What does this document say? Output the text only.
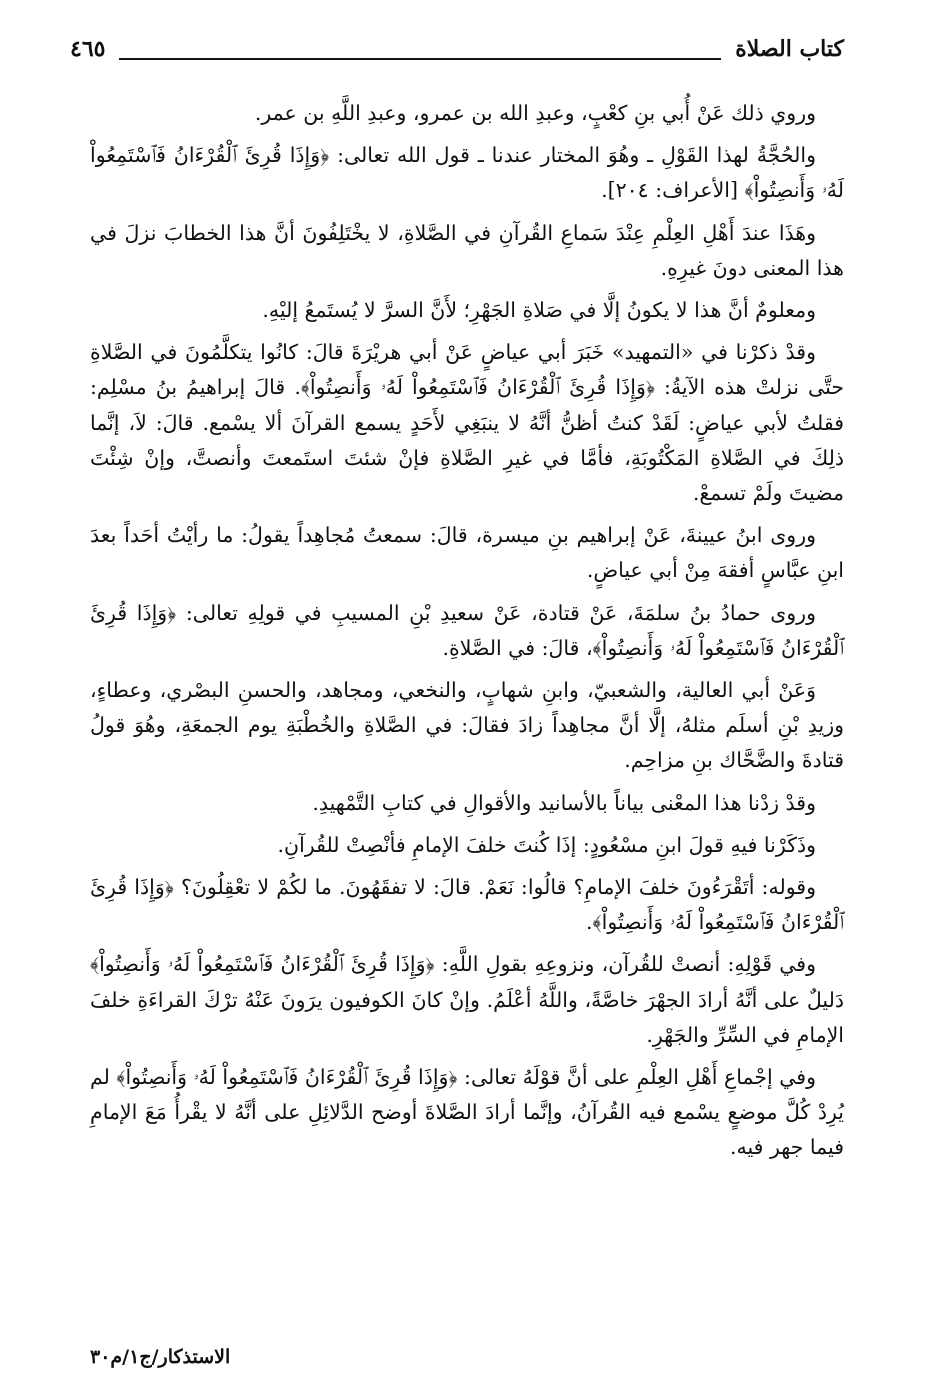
كتاب الصلاة
٤٦٥

وروي ذلك عَنْ أُبي بنِ كعْبٍ، وعبدِ الله بن عمرو، وعبدِ اللَّهِ بن عمر.

والحُجَّةُ لهذا القَوْلِ ـ وهُوَ المختار عندنا ـ قول الله تعالى: ﴿وَإِذَا قُرِئَ ٱلْقُرْءَانُ فَٱسْتَمِعُواْ لَهُۥ وَأَنصِتُواْ﴾ [الأعراف: ٢٠٤].

وهَذَا عندَ أَهْلِ العِلْمِ عِنْدَ سَماعِ القُرآنِ في الصَّلاةِ، لا يخْتَلِفُونَ أنَّ هذا الخطابَ نزلَ في هذا المعنى دونَ غيرِهِ.

ومعلومٌ أنَّ هذا لا يكونُ إلَّا في صَلاةِ الجَهْرِ؛ لأَنَّ السرَّ لا يُستَمعُ إليْهِ.

وقدْ ذكرْنا في «التمهيد» خَبَرَ أبي عياضٍ عَنْ أبي هريْرَةَ قالَ: كانُوا يتكلَّمُونَ في الصَّلاةِ حتَّى نزلتْ هذه الآيةُ: ﴿وَإِذَا قُرِئَ ٱلْقُرْءَانُ فَٱسْتَمِعُواْ لَهُۥ وَأَنصِتُواْ﴾. قالَ إبراهيمُ بنُ مسْلِم: فقلتُ لأبي عياضٍ: لَقَدْ كنتُ أظنُّ أنَّهُ لا ينبَغِي لأَحَدٍ يسمع القرآنَ ألا يسْمع. قالَ: لاَ، إنَّما ذلِكَ في الصَّلاةِ المَكْتُوبَةِ، فأمَّا في غيرِ الصَّلاةِ فإنْ شئتَ استَمعتَ وأنصتَّ، وإنْ شِئْتَ مضيتَ ولَمْ تسمعْ.

وروى ابنُ عيينةَ، عَنْ إبراهيم بنِ ميسرة، قالَ: سمعتُ مُجاهِداً يقولُ: ما رأيْتُ أحَداً بعدَ ابنِ عبَّاسٍ أفقهَ مِنْ أبي عياضٍ.

وروى حمادُ بنُ سلمَةَ، عَنْ قتادة، عَنْ سعيدِ بْنِ المسيبِ في قولِهِ تعالى: ﴿وَإِذَا قُرِئَ ٱلْقُرْءَانُ فَٱسْتَمِعُواْ لَهُۥ وَأَنصِتُواْ﴾، قالَ: في الصَّلاةِ.

وَعَنْ أبي العالية، والشعبيّ، وابنِ شهابٍ، والنخعي، ومجاهد، والحسنِ البصْري، وعطاءٍ، وزيدِ بْنِ أسلَم مثلهُ، إلَّا أنَّ مجاهِداً زادَ فقالَ: في الصَّلاةِ والخُطْبَةِ يوم الجمعَةِ، وهُوَ قولُ قتادةَ والضَّحَّاك بنِ مزاحِم.

وقدْ زدْنا هذا المعْنى بياناً بالأسانيد والأقوالِ في كتابِ التَّمْهيدِ.

وذَكَرْنا فيهِ قولَ ابنِ مسْعُودٍ: إذَا كُنتَ خلفَ الإمامِ فأنْصِتْ للقُرآنِ.

وقوله: أتَقْرَءُونَ خلفَ الإمامِ؟ قالُوا: نَعَمْ. قالَ: لا تفقَهُونَ. ما لكُمْ لا تعْقِلُونَ؟ ﴿وَإِذَا قُرِئَ ٱلْقُرْءَانُ فَٱسْتَمِعُواْ لَهُۥ وَأَنصِتُواْ﴾.

وفي قَوْلِهِ: أنصتْ للقُرآن، ونزوعِهِ بقولِ اللَّهِ: ﴿وَإِذَا قُرِئَ ٱلْقُرْءَانُ فَٱسْتَمِعُواْ لَهُۥ وَأَنصِتُواْ﴾ دَليلٌ على أنَّهُ أرادَ الجهْرَ خاصَّةً، واللَّهُ أعْلَمُ. وإنْ كانَ الكوفيون يرَونَ عَنْهُ ترْكَ القراءَةِ خلفَ الإمامِ في السِّرِّ والجَهْرِ.

وفي إجْماعِ أَهْلِ العِلْمِ على أنَّ قوْلَهُ تعالى: ﴿وَإِذَا قُرِئَ ٱلْقُرْءَانُ فَٱسْتَمِعُواْ لَهُۥ وَأَنصِتُواْ﴾ لم يُرِدْ كُلَّ موضعٍ يسْمع فيه القُرآنُ، وإنَّما أرادَ الصَّلاةَ أوضح الدَّلائِلِ على أنَّهُ لا يقْرأُ مَعَ الإمامِ فيما جهر فيه.

الاستذكار/ج١/م٣٠
